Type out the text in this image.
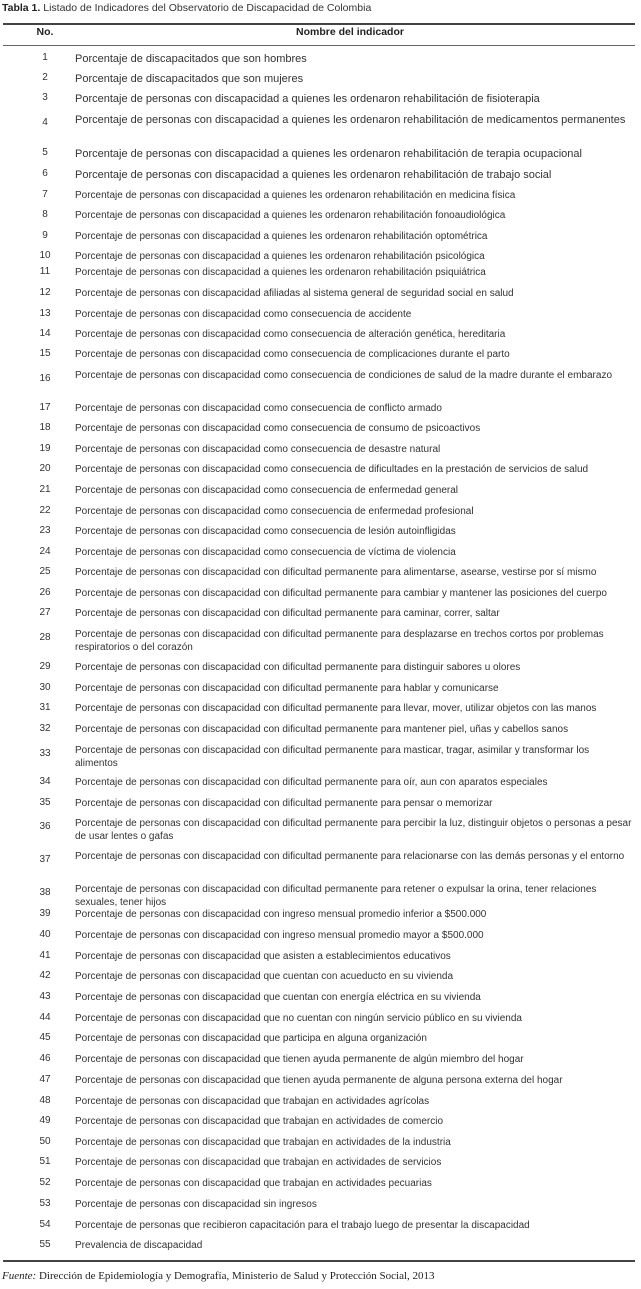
Tabla 1. Listado de Indicadores del Observatorio de Discapacidad de Colombia
No.	Nombre del indicador
1	Porcentaje de discapacitados que son hombres
2	Porcentaje de discapacitados que son mujeres
3	Porcentaje de personas con discapacidad a quienes les ordenaron rehabilitación de fisioterapia
4	Porcentaje de personas con discapacidad a quienes les ordenaron rehabilitación de medicamentos permanentes
5	Porcentaje de personas con discapacidad a quienes les ordenaron rehabilitación de terapia ocupacional
6	Porcentaje de personas con discapacidad a quienes les ordenaron rehabilitación de trabajo social
7	Porcentaje de personas con discapacidad a quienes les ordenaron rehabilitación en medicina física
8	Porcentaje de personas con discapacidad a quienes les ordenaron rehabilitación fonoaudiológica
9	Porcentaje de personas con discapacidad a quienes les ordenaron rehabilitación optométrica
10	Porcentaje de personas con discapacidad a quienes les ordenaron rehabilitación psicológica
11	Porcentaje de personas con discapacidad a quienes les ordenaron rehabilitación psiquiátrica
12	Porcentaje de personas con discapacidad afiliadas al sistema general de seguridad social en salud
13	Porcentaje de personas con discapacidad como consecuencia de accidente
14	Porcentaje de personas con discapacidad como consecuencia de alteración genética, hereditaria
15	Porcentaje de personas con discapacidad como consecuencia de complicaciones durante el parto
16	Porcentaje de personas con discapacidad como consecuencia de condiciones de salud de la madre durante el embarazo
17	Porcentaje de personas con discapacidad como consecuencia de conflicto armado
18	Porcentaje de personas con discapacidad como consecuencia de consumo de psicoactivos
19	Porcentaje de personas con discapacidad como consecuencia de desastre natural
20	Porcentaje de personas con discapacidad como consecuencia de dificultades en la prestación de servicios de salud
21	Porcentaje de personas con discapacidad como consecuencia de enfermedad general
22	Porcentaje de personas con discapacidad como consecuencia de enfermedad profesional
23	Porcentaje de personas con discapacidad como consecuencia de lesión autoinfligidas
24	Porcentaje de personas con discapacidad como consecuencia de víctima de violencia
25	Porcentaje de personas con discapacidad con dificultad permanente para alimentarse, asearse, vestirse por sí mismo
26	Porcentaje de personas con discapacidad con dificultad permanente para cambiar y mantener las posiciones del cuerpo
27	Porcentaje de personas con discapacidad con dificultad permanente para caminar, correr, saltar
28	Porcentaje de personas con discapacidad con dificultad permanente para desplazarse en trechos cortos por problemas respiratorios o del corazón
29	Porcentaje de personas con discapacidad con dificultad permanente para distinguir sabores u olores
30	Porcentaje de personas con discapacidad con dificultad permanente para hablar y comunicarse
31	Porcentaje de personas con discapacidad con dificultad permanente para llevar, mover, utilizar objetos con las manos
32	Porcentaje de personas con discapacidad con dificultad permanente para mantener piel, uñas y cabellos sanos
33	Porcentaje de personas con discapacidad con dificultad permanente para masticar, tragar, asimilar y transformar los alimentos
34	Porcentaje de personas con discapacidad con dificultad permanente para oír, aun con aparatos especiales
35	Porcentaje de personas con discapacidad con dificultad permanente para pensar o memorizar
36	Porcentaje de personas con discapacidad con dificultad permanente para percibir la luz, distinguir objetos o personas a pesar de usar lentes o gafas
37	Porcentaje de personas con discapacidad con dificultad permanente para relacionarse con las demás personas y el entorno
38	Porcentaje de personas con discapacidad con dificultad permanente para retener o expulsar la orina, tener relaciones sexuales, tener hijos
39	Porcentaje de personas con discapacidad con ingreso mensual promedio inferior a $500.000
40	Porcentaje de personas con discapacidad con ingreso mensual promedio mayor a $500.000
41	Porcentaje de personas con discapacidad que asisten a establecimientos educativos
42	Porcentaje de personas con discapacidad que cuentan con acueducto en su vivienda
43	Porcentaje de personas con discapacidad que cuentan con energía eléctrica en su vivienda
44	Porcentaje de personas con discapacidad que no cuentan con ningún servicio público en su vivienda
45	Porcentaje de personas con discapacidad que participa en alguna organización
46	Porcentaje de personas con discapacidad que tienen ayuda permanente de algún miembro del hogar
47	Porcentaje de personas con discapacidad que tienen ayuda permanente de alguna persona externa del hogar
48	Porcentaje de personas con discapacidad que trabajan en actividades agrícolas
49	Porcentaje de personas con discapacidad que trabajan en actividades de comercio
50	Porcentaje de personas con discapacidad que trabajan en actividades de la industria
51	Porcentaje de personas con discapacidad que trabajan en actividades de servicios
52	Porcentaje de personas con discapacidad que trabajan en actividades pecuarias
53	Porcentaje de personas con discapacidad sin ingresos
54	Porcentaje de personas que recibieron capacitación para el trabajo luego de presentar la discapacidad
55	Prevalencia de discapacidad
Fuente: Dirección de Epidemiología y Demografía, Ministerio de Salud y Protección Social, 2013
